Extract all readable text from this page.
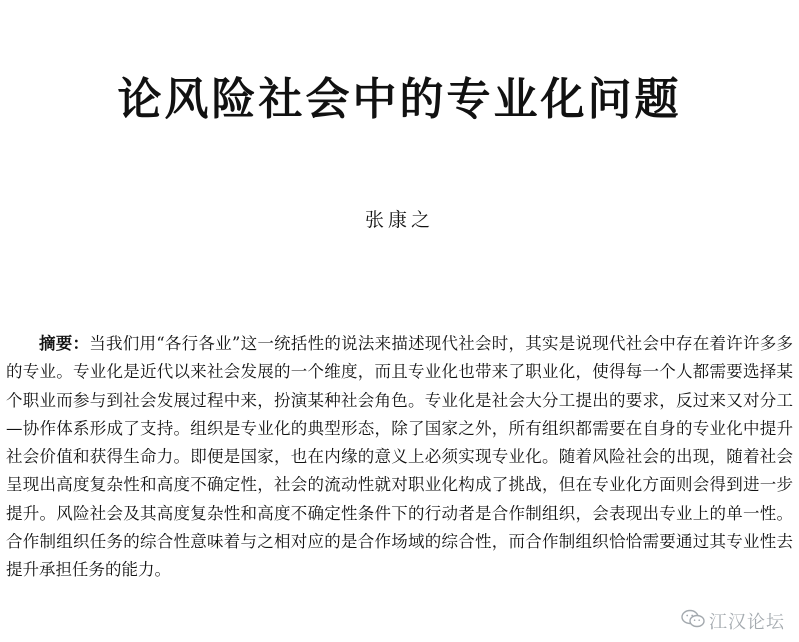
论风险社会中的专业化问题
张康之

摘要：当我们用“各行各业”这一统括性的说法来描述现代社会时，其实是说现代社会中存在着许许多多的专业。专业化是近代以来社会发展的一个维度，而且专业化也带来了职业化，使得每一个人都需要选择某个职业而参与到社会发展过程中来，扮演某种社会角色。专业化是社会大分工提出的要求，反过来又对分工—协作体系形成了支持。组织是专业化的典型形态，除了国家之外，所有组织都需要在自身的专业化中提升社会价值和获得生命力。即便是国家，也在内缘的意义上必须实现专业化。随着风险社会的出现，随着社会呈现出高度复杂性和高度不确定性，社会的流动性就对职业化构成了挑战，但在专业化方面则会得到进一步提升。风险社会及其高度复杂性和高度不确定性条件下的行动者是合作制组织，会表现出专业上的单一性。合作制组织任务的综合性意味着与之相对应的是合作场域的综合性，而合作制组织恰恰需要通过其专业性去提升承担任务的能力。

江汉论坛
